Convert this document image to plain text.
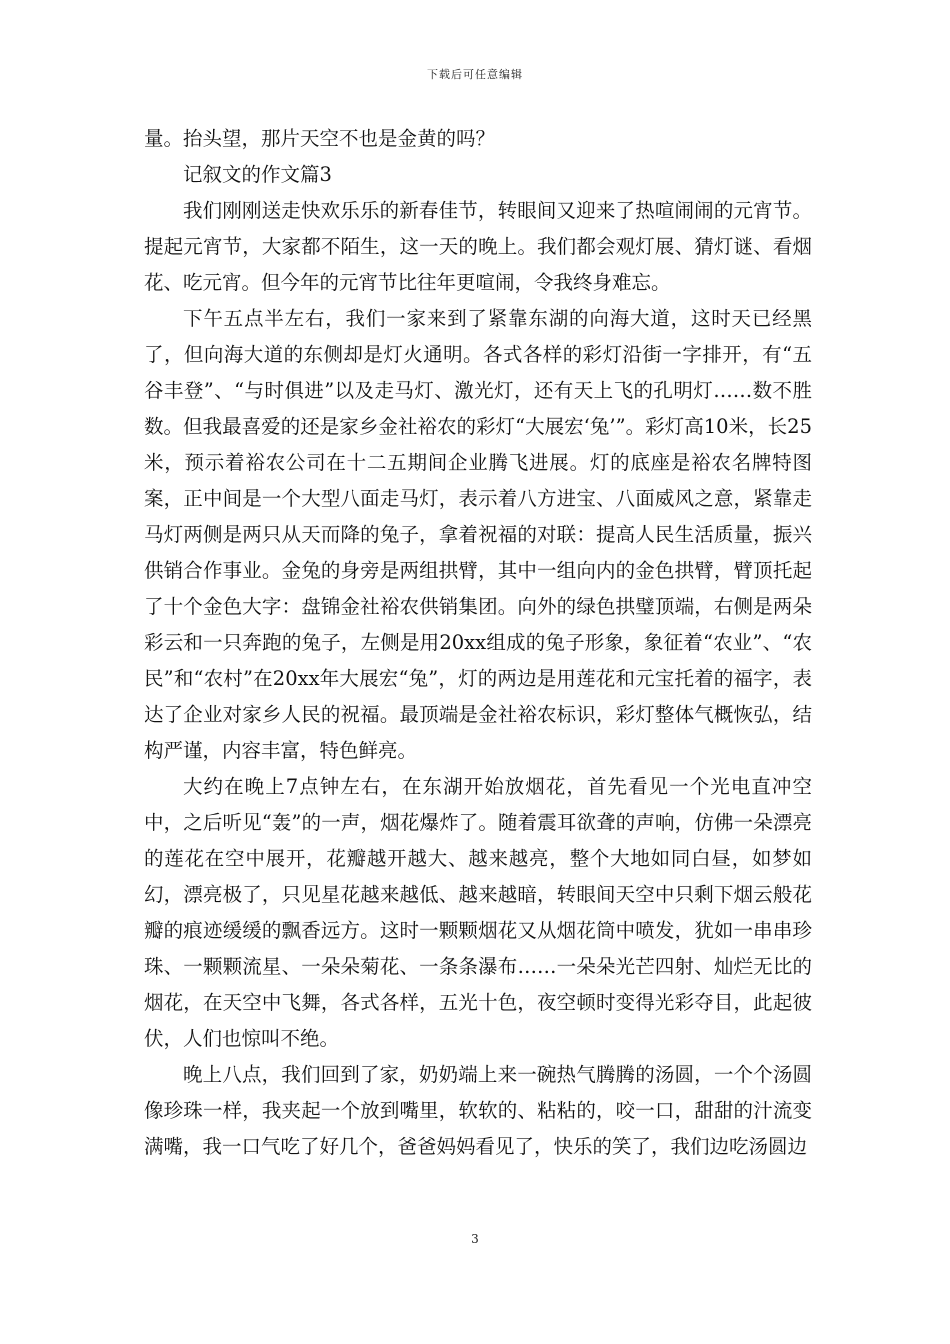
下载后可任意编辑

量。抬头望，那片天空不也是金黄的吗？

记叙文的作文篇3

我们刚刚送走快欢乐乐的新春佳节，转眼间又迎来了热喧闹闹的元宵节。提起元宵节，大家都不陌生，这一天的晚上。我们都会观灯展、猜灯谜、看烟花、吃元宵。但今年的元宵节比往年更喧闹，令我终身难忘。

下午五点半左右，我们一家来到了紧靠东湖的向海大道，这时天已经黑了，但向海大道的东侧却是灯火通明。各式各样的彩灯沿街一字排开，有“五谷丰登”、“与时俱进”以及走马灯、激光灯，还有天上飞的孔明灯……数不胜数。但我最喜爱的还是家乡金社裕农的彩灯“大展宏‘兔’”。彩灯高10米，长25米，预示着裕农公司在十二五期间企业腾飞进展。灯的底座是裕农名牌特图案，正中间是一个大型八面走马灯，表示着八方进宝、八面威风之意，紧靠走马灯两侧是两只从天而降的兔子，拿着祝福的对联：提高人民生活质量，振兴供销合作事业。金兔的身旁是两组拱臂，其中一组向内的金色拱臂，臂顶托起了十个金色大字：盘锦金社裕农供销集团。向外的绿色拱璧顶端，右侧是两朵彩云和一只奔跑的兔子，左侧是用20xx组成的兔子形象，象征着“农业”、“农民”和“农村”在20xx年大展宏“兔”，灯的两边是用莲花和元宝托着的福字，表达了企业对家乡人民的祝福。最顶端是金社裕农标识，彩灯整体气概恢弘，结构严谨，内容丰富，特色鲜亮。

大约在晚上7点钟左右，在东湖开始放烟花，首先看见一个光电直冲空中，之后听见“轰”的一声，烟花爆炸了。随着震耳欲聋的声响，仿佛一朵漂亮的莲花在空中展开，花瓣越开越大、越来越亮，整个大地如同白昼，如梦如幻，漂亮极了，只见星花越来越低、越来越暗，转眼间天空中只剩下烟云般花瓣的痕迹缓缓的飘香远方。这时一颗颗烟花又从烟花筒中喷发，犹如一串串珍珠、一颗颗流星、一朵朵菊花、一条条瀑布……一朵朵光芒四射、灿烂无比的烟花，在天空中飞舞，各式各样，五光十色，夜空顿时变得光彩夺目，此起彼伏，人们也惊叫不绝。

晚上八点，我们回到了家，奶奶端上来一碗热气腾腾的汤圆，一个个汤圆像珍珠一样，我夹起一个放到嘴里，软软的、粘粘的，咬一口，甜甜的汁流变满嘴，我一口气吃了好几个，爸爸妈妈看见了，快乐的笑了，我们边吃汤圆边

3
